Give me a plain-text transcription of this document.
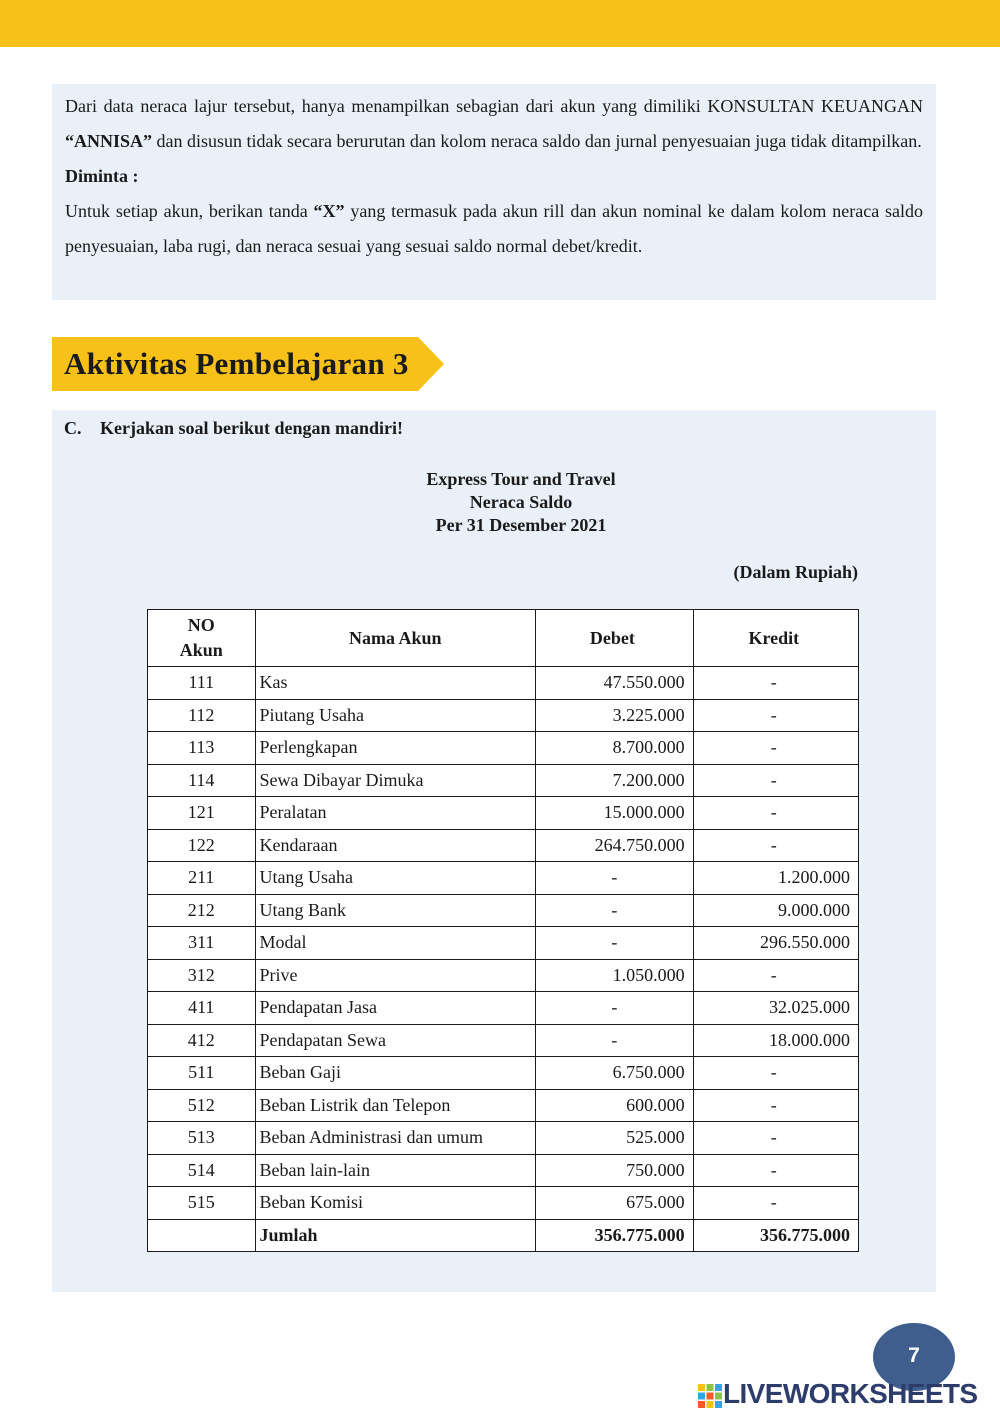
Dari data neraca lajur tersebut, hanya menampilkan sebagian dari akun yang dimiliki KONSULTAN KEUANGAN “ANNISA” dan disusun tidak secara berurutan dan kolom neraca saldo dan jurnal penyesuaian juga tidak ditampilkan.

Diminta :

Untuk setiap akun, berikan tanda “X” yang termasuk pada akun rill dan akun nominal ke dalam kolom neraca saldo penyesuaian, laba rugi, dan neraca sesuai yang sesuai saldo normal debet/kredit.

Aktivitas Pembelajaran 3
C. Kerjakan soal berikut dengan mandiri!
Express Tour and Travel
Neraca Saldo
Per 31 Desember 2021
(Dalam Rupiah)
NO
Akun	Nama Akun	Debet	Kredit
111	Kas	47.550.000	-
112	Piutang Usaha	3.225.000	-
113	Perlengkapan	8.700.000	-
114	Sewa Dibayar Dimuka	7.200.000	-
121	Peralatan	15.000.000	-
122	Kendaraan	264.750.000	-
211	Utang Usaha	-	1.200.000
212	Utang Bank	-	9.000.000
311	Modal	-	296.550.000
312	Prive	1.050.000	-
411	Pendapatan Jasa	-	32.025.000
412	Pendapatan Sewa	-	18.000.000
511	Beban Gaji	6.750.000	-
512	Beban Listrik dan Telepon	600.000	-
513	Beban Administrasi dan umum	525.000	-
514	Beban lain-lain	750.000	-
515	Beban Komisi	675.000	-
	Jumlah	356.775.000	356.775.000
7
LIVEWORKSHEETS
